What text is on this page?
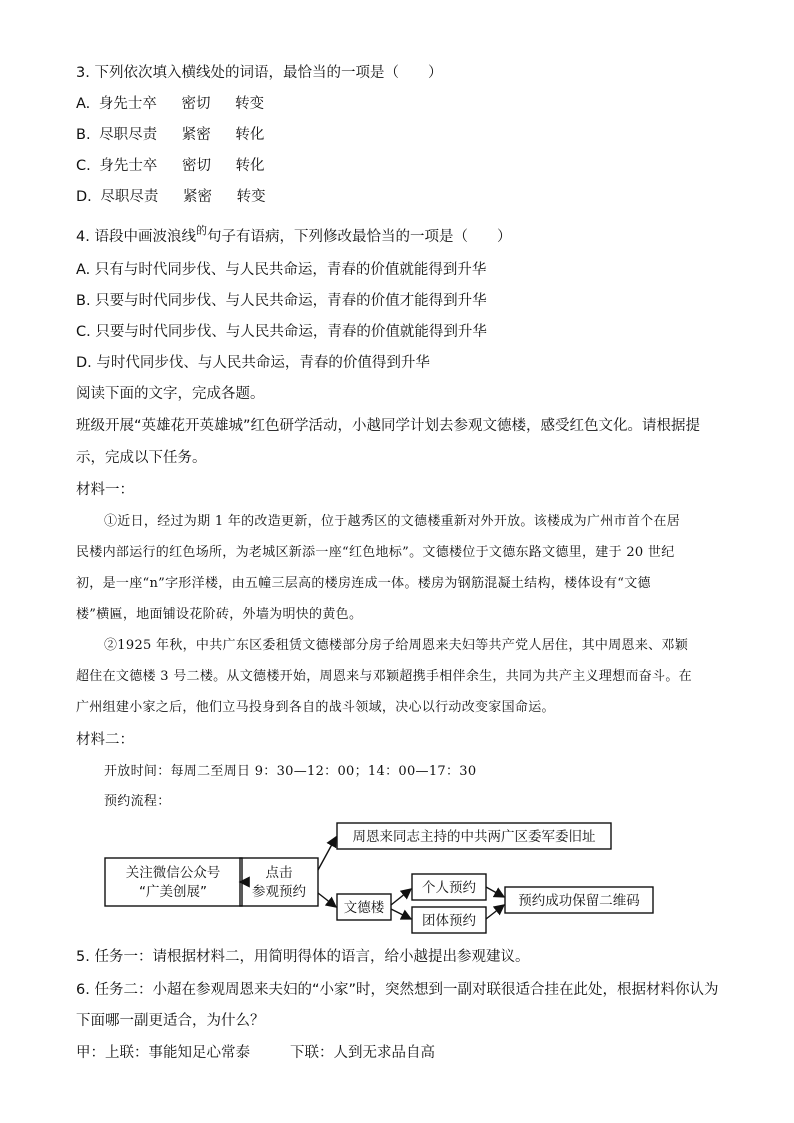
3. 下列依次填入横线处的词语，最恰当的一项是（　　）
A. 身先士卒 密切 转变
B. 尽职尽责 紧密 转化
C. 身先士卒 密切 转化
D. 尽职尽责 紧密 转变
4. 语段中画波浪线$^的$句子有语病，下列修改最恰当的一项是（　　）
A. 只有与时代同步伐、与人民共命运，青春的价值就能得到升华
B. 只要与时代同步伐、与人民共命运，青春的价值才能得到升华
C. 只要与时代同步伐、与人民共命运，青春的价值就能得到升华
D. 与时代同步伐、与人民共命运，青春的价值得到升华
阅读下面的文字，完成各题。
班级开展“英雄花开英雄城”红色研学活动，小越同学计划去参观文德楼，感受红色文化。请根据提
示，完成以下任务。
材料一：
①近日，经过为期 1 年的改造更新，位于越秀区的文德楼重新对外开放。该楼成为广州市首个在居
民楼内部运行的红色场所，为老城区新添一座“红色地标”。文德楼位于文德东路文德里，建于 20 世纪
初，是一座“n”字形洋楼，由五幢三层高的楼房连成一体。楼房为钢筋混凝土结构，楼体设有“文德
楼”横匾，地面铺设花阶砖，外墙为明快的黄色。
②1925 年秋，中共广东区委租赁文德楼部分房子给周恩来夫妇等共产党人居住，其中周恩来、邓颖
超住在文德楼 3 号二楼。从文德楼开始，周恩来与邓颖超携手相伴余生，共同为共产主义理想而奋斗。在
广州组建小家之后，他们立马投身到各自的战斗领域，决心以行动改变家国命运。
材料二：
开放时间：每周二至周日 9：30—12：00；14：00—17：30
预约流程：
关注微信公众号
“广美创展”
点击
参观预约
周恩来同志主持的中共两广区委军委旧址
文德楼
个人预约
团体预约
预约成功保留二维码
5. 任务一：请根据材料二，用简明得体的语言，给小越提出参观建议。
6. 任务二：小超在参观周恩来夫妇的“小家”时，突然想到一副对联很适合挂在此处，根据材料你认为
下面哪一副更适合，为什么？
甲：上联：事能知足心常泰	下联：人到无求品自高
